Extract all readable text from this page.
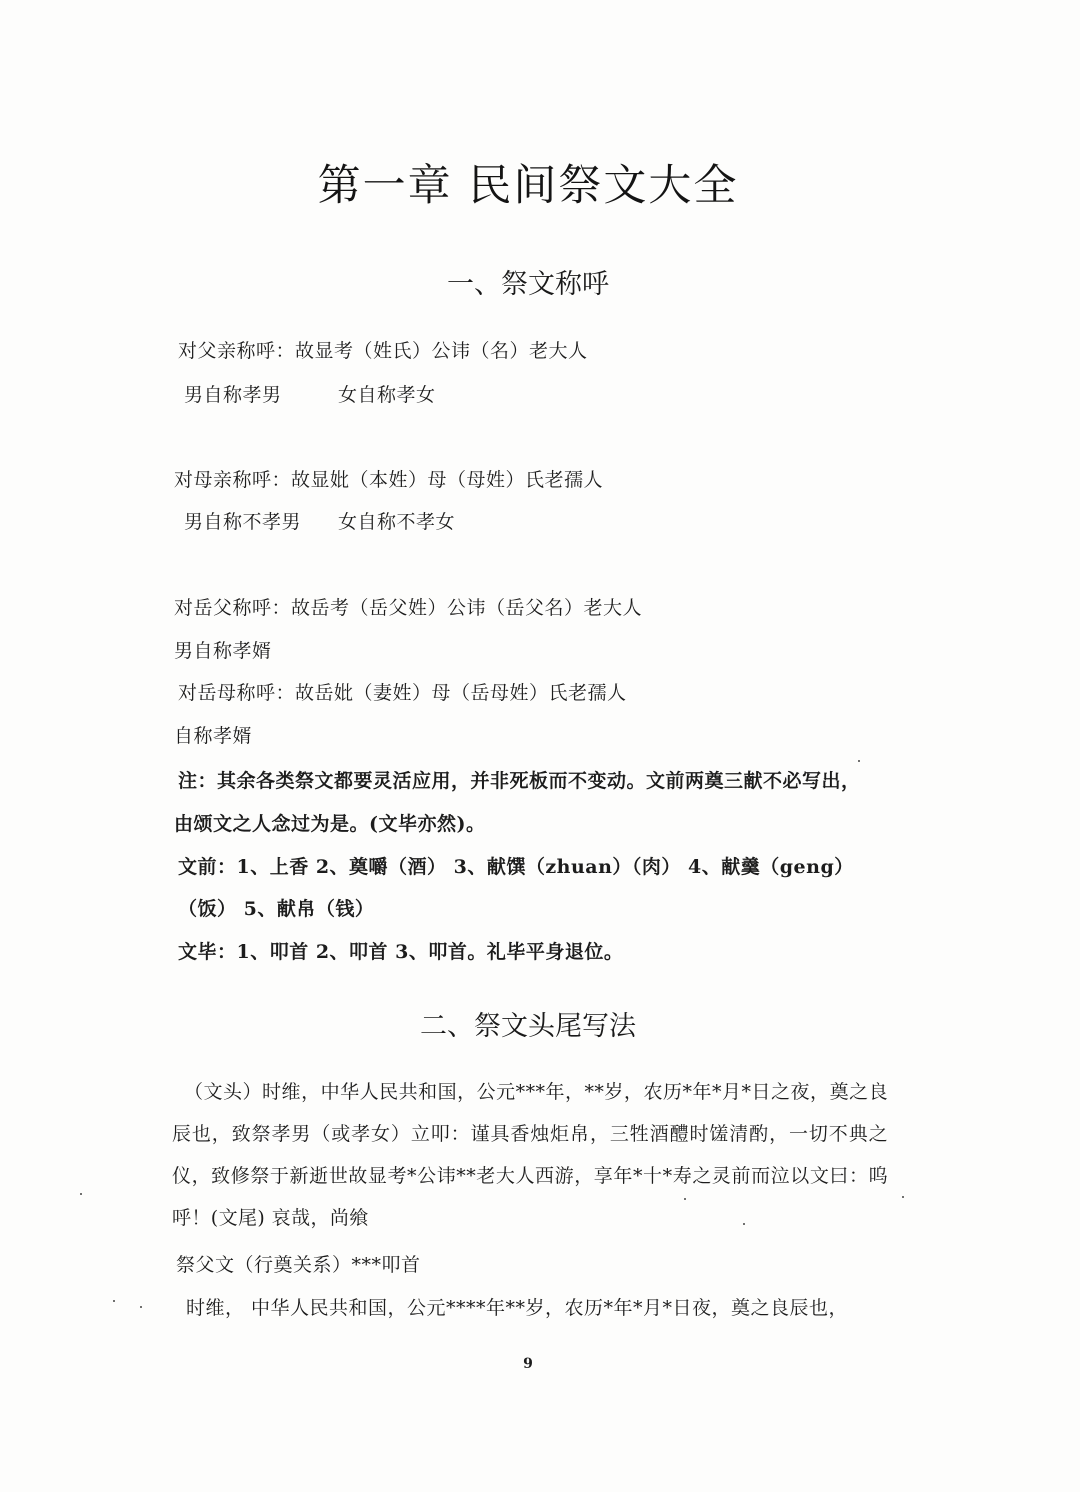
第一章 民间祭文大全
一、祭文称呼
对父亲称呼：故显考（姓氏）公讳（名）老大人
男自称孝男	女自称孝女
对母亲称呼：故显妣（本姓）母（母姓）氏老孺人
男自称不孝男 女自称不孝女
对岳父称呼：故岳考（岳父姓）公讳（岳父名）老大人
男自称孝婿
对岳母称呼：故岳妣（妻姓）母（岳母姓）氏老孺人
自称孝婿
注：其余各类祭文都要灵活应用，并非死板而不变动。文前两奠三献不必写出，
由颂文之人念过为是。(文毕亦然)。
文前：1、上香 2、奠嚼（酒） 3、献馔（zhuan）（肉） 4、献羹（geng）
（饭） 5、献帛（钱）
文毕：1、叩首 2、叩首 3、叩首。礼毕平身退位。
二、祭文头尾写法
（文头）时维，中华人民共和国，公元***年，**岁，农历*年*月*日之夜，奠之良辰也，致祭孝男（或孝女）立叩：谨具香烛炬帛，三牲酒醴时馐清酌，一切不典之仪，致修祭于新逝世故显考*公讳**老大人西游，享年*十*寿之灵前而泣以文曰：呜呼！(文尾) 哀哉，尚飨
祭父文（行奠关系）***叩首
时维， 中华人民共和国，公元****年**岁，农历*年*月*日夜，奠之良辰也，
9
